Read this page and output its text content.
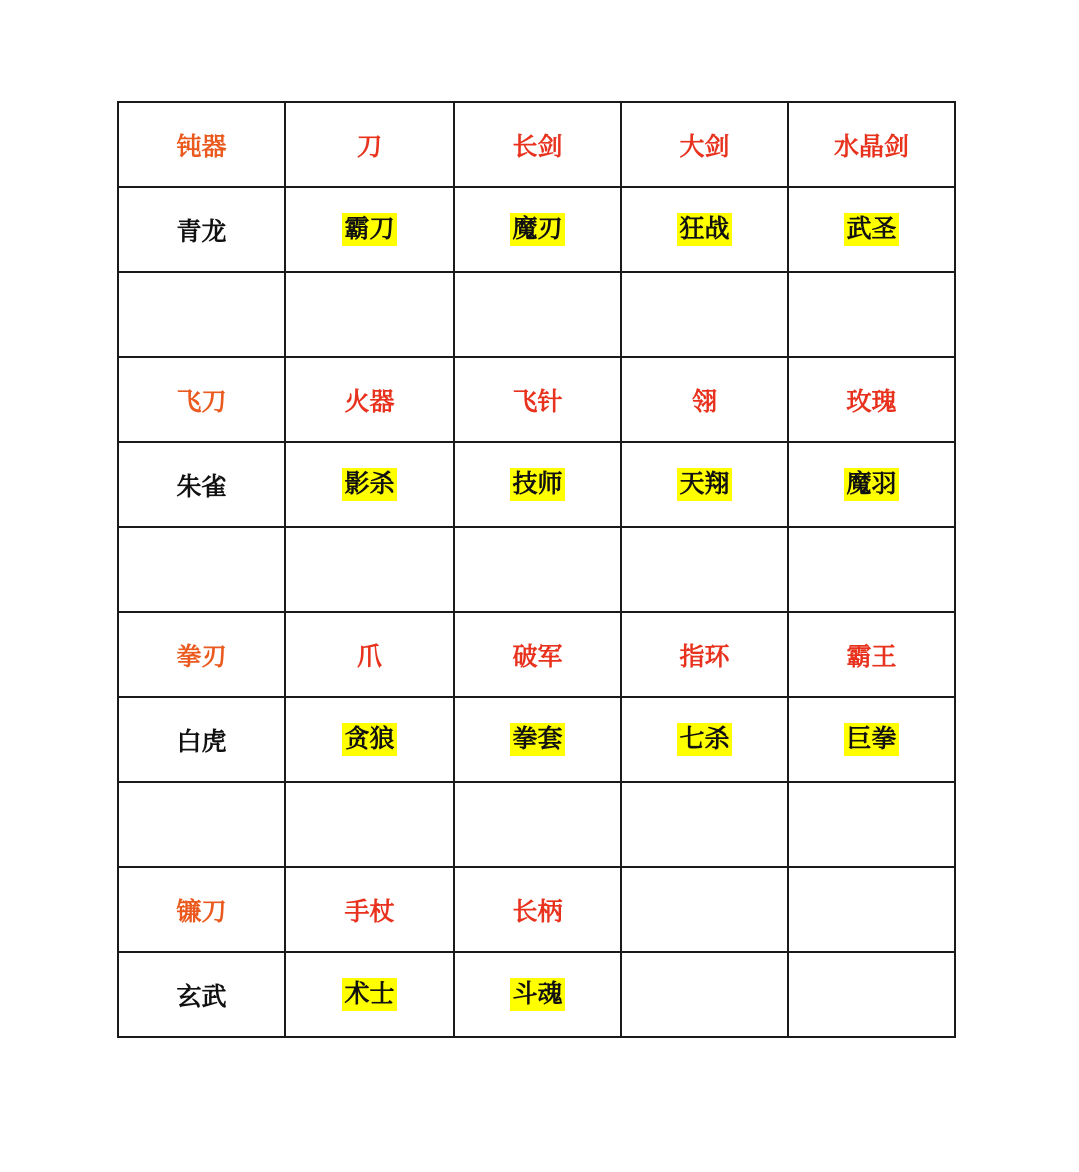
钝器	刀	长剑	大剑	水晶剑
青龙	霸刀	魔刃	狂战	武圣

飞刀	火器	飞针	翎	玫瑰
朱雀	影杀	技师	天翔	魔羽

拳刃	爪	破军	指环	霸王
白虎	贪狼	拳套	七杀	巨拳

镰刀	手杖	长柄		
玄武	术士	斗魂		
